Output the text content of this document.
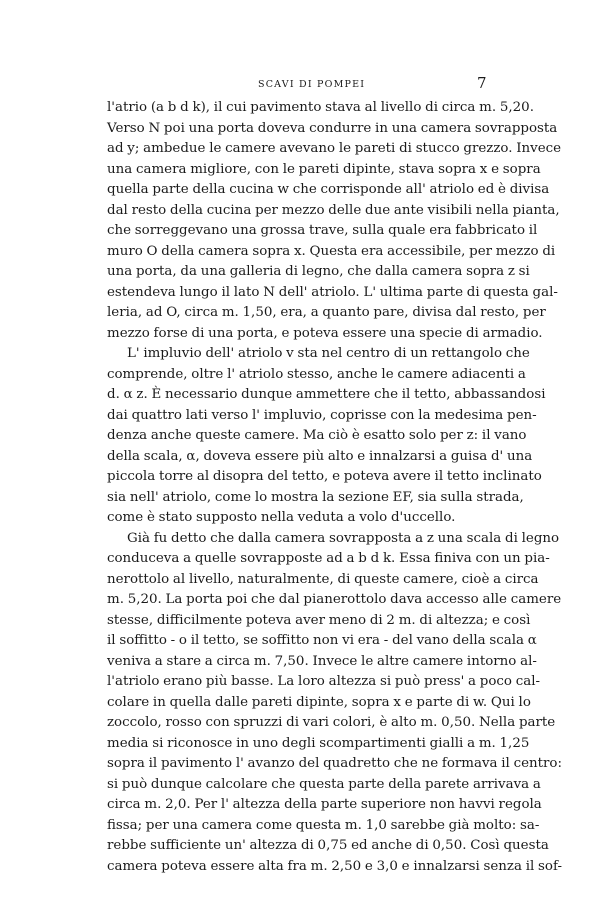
SCAVI DI POMPEI	7
l'atrio (a b d k), il cui pavimento stava al livello di circa m. 5,20.
Verso N poi una porta doveva condurre in una camera sovrapposta
ad y; ambedue le camere avevano le pareti di stucco grezzo. Invece
una camera migliore, con le pareti dipinte, stava sopra x e sopra
quella parte della cucina w che corrisponde all' atriolo ed è divisa
dal resto della cucina per mezzo delle due ante visibili nella pianta,
che sorreggevano una grossa trave, sulla quale era fabbricato il
muro O della camera sopra x. Questa era accessibile, per mezzo di
una porta, da una galleria di legno, che dalla camera sopra z si
estendeva lungo il lato N dell' atriolo. L' ultima parte di questa gal-
leria, ad O, circa m. 1,50, era, a quanto pare, divisa dal resto, per
mezzo forse di una porta, e poteva essere una specie di armadio.
L' impluvio dell' atriolo v sta nel centro di un rettangolo che
comprende, oltre l' atriolo stesso, anche le camere adiacenti a
d. α z. È necessario dunque ammettere che il tetto, abbassandosi
dai quattro lati verso l' impluvio, coprisse con la medesima pen-
denza anche queste camere. Ma ciò è esatto solo per z: il vano
della scala, α, doveva essere più alto e innalzarsi a guisa d' una
piccola torre al disopra del tetto, e poteva avere il tetto inclinato
sia nell' atriolo, come lo mostra la sezione EF, sia sulla strada,
come è stato supposto nella veduta a volo d'uccello.
Già fu detto che dalla camera sovrapposta a z una scala di legno
conduceva a quelle sovrapposte ad a b d k. Essa finiva con un pia-
nerottolo al livello, naturalmente, di queste camere, cioè a circa
m. 5,20. La porta poi che dal pianerottolo dava accesso alle camere
stesse, difficilmente poteva aver meno di 2 m. di altezza; e così
il soffitto - o il tetto, se soffitto non vi era - del vano della scala α
veniva a stare a circa m. 7,50. Invece le altre camere intorno al-
l'atriolo erano più basse. La loro altezza si può press' a poco cal-
colare in quella dalle pareti dipinte, sopra x e parte di w. Qui lo
zoccolo, rosso con spruzzi di vari colori, è alto m. 0,50. Nella parte
media si riconosce in uno degli scompartimenti gialli a m. 1,25
sopra il pavimento l' avanzo del quadretto che ne formava il centro:
si può dunque calcolare che questa parte della parete arrivava a
circa m. 2,0. Per l' altezza della parte superiore non havvi regola
fissa; per una camera come questa m. 1,0 sarebbe già molto: sa-
rebbe sufficiente un' altezza di 0,75 ed anche di 0,50. Così questa
camera poteva essere alta fra m. 2,50 e 3,0 e innalzarsi senza il sof-
